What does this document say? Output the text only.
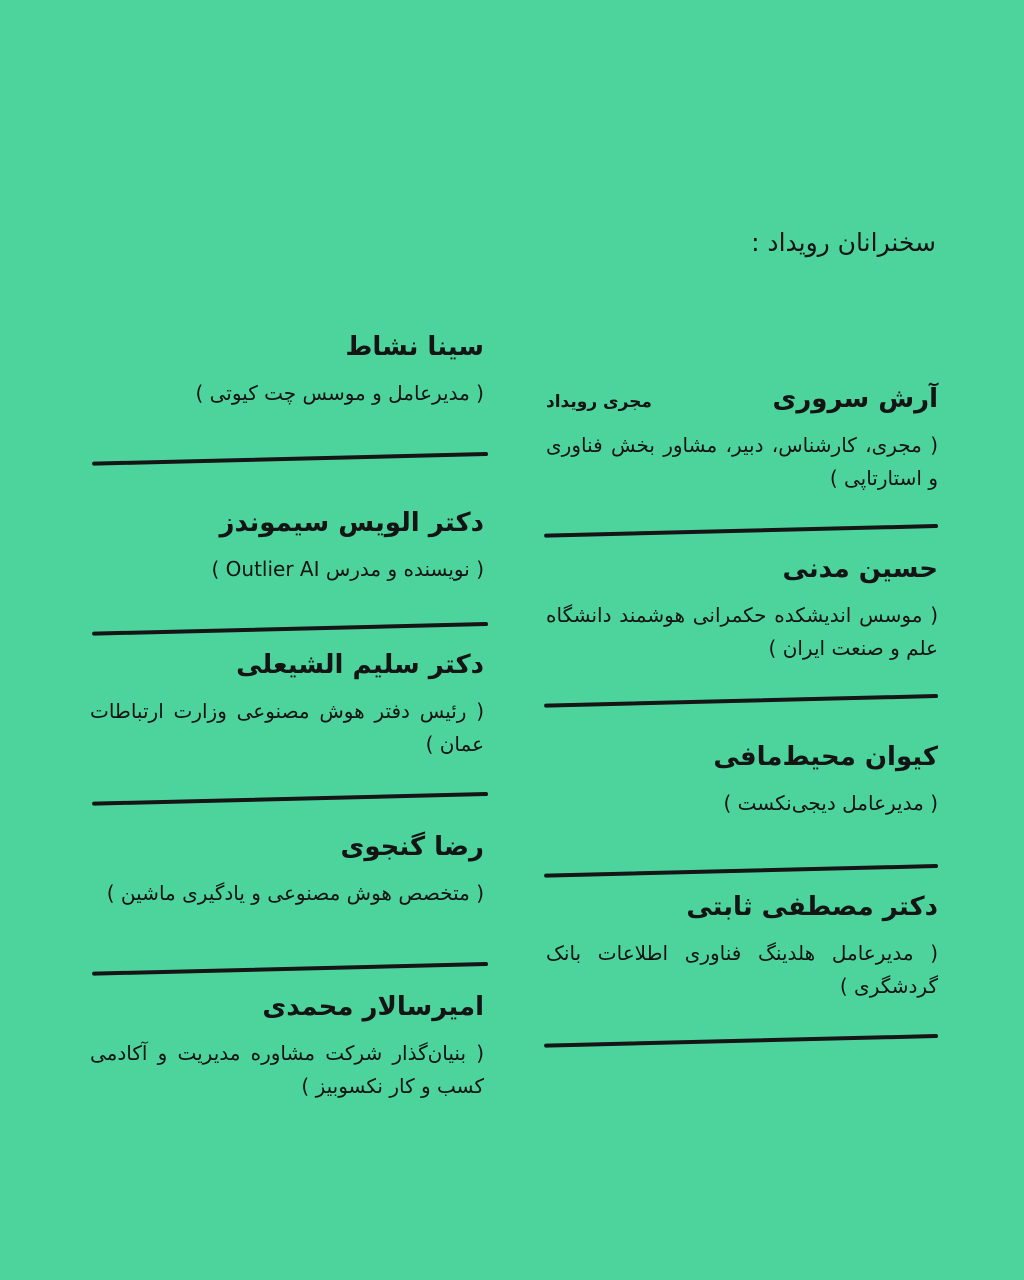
سخنرانان رویداد :
آرش سروری
مجری رویداد
( مجری، کارشناس، دبیر، مشاور بخش فناوری و استارتاپی )
حسین مدنی
( موسس اندیشکده حکمرانی هوشمند دانشگاه علم و صنعت ایران )
کیوان محیط‌مافی
( مدیرعامل دیجی‌نکست )
دکتر مصطفی ثابتی
( مدیرعامل هلدینگ فناوری اطلاعات بانک گردشگری )
سینا نشاط
( مدیرعامل و موسس چت کیوتی )
دکتر الویس سیموندز
( نویسنده و مدرس Outlier AI )
دکتر سلیم الشیعلی
( رئیس دفتر هوش مصنوعی وزارت ارتباطات عمان )
رضا گنجوی
( متخصص هوش مصنوعی و یادگیری ماشین )
امیرسالار محمدی
( بنیان‌گذار شرکت مشاوره مدیریت و آکادمی کسب و کار نکسوبیز )
